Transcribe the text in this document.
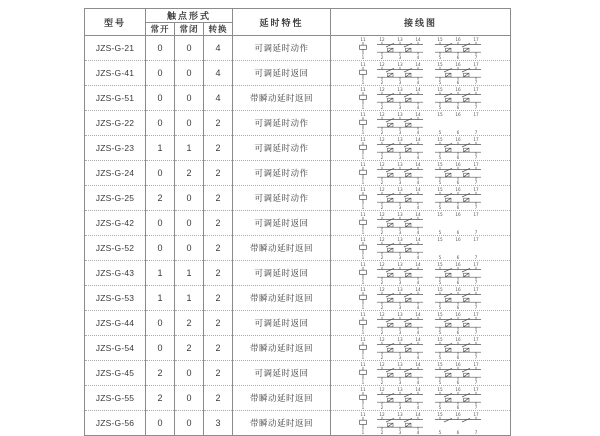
型号	触点形式			延时特性	接线图
	常开	常闭	转换		
JZS-G-21	0	0	4	可调延时动作	
11
1
12
2
13
3
14
4
15
5
16
6
17
7

JZS-G-41	0	0	4	可调延时返回	
11
1
12
2
13
3
14
4
15
5
16
6
17
7

JZS-G-51	0	0	4	带瞬动延时返回	
11
1
12
2
13
3
14
4
15
5
16
6
17
7

JZS-G-22	0	0	2	可调延时动作	
11
1
12
2
13
3
14
4
15
5
16
6
17
7

JZS-G-23	1	1	2	可调延时动作	
11
1
12
2
13
3
14
4
15
5
16
6
17
7

JZS-G-24	0	2	2	可调延时动作	
11
1
12
2
13
3
14
4
15
5
16
6
17
7

JZS-G-25	2	0	2	可调延时动作	
11
1
12
2
13
3
14
4
15
5
16
6
17
7

JZS-G-42	0	0	2	可调延时返回	
11
1
12
2
13
3
14
4
15
5
16
6
17
7

JZS-G-52	0	0	2	带瞬动延时返回	
11
1
12
2
13
3
14
4
15
5
16
6
17
7

JZS-G-43	1	1	2	可调延时返回	
11
1
12
2
13
3
14
4
15
5
16
6
17
7

JZS-G-53	1	1	2	带瞬动延时返回	
11
1
12
2
13
3
14
4
15
5
16
6
17
7

JZS-G-44	0	2	2	可调延时返回	
11
1
12
2
13
3
14
4
15
5
16
6
17
7

JZS-G-54	0	2	2	带瞬动延时返回	
11
1
12
2
13
3
14
4
15
5
16
6
17
7

JZS-G-45	2	0	2	可调延时返回	
11
1
12
2
13
3
14
4
15
5
16
6
17
7

JZS-G-55	2	0	2	带瞬动延时返回	
11
1
12
2
13
3
14
4
15
5
16
6
17
7

JZS-G-56	0	0	3	带瞬动延时返回	
11
1
12
2
13
3
14
4
15
5
16
6
17
7
